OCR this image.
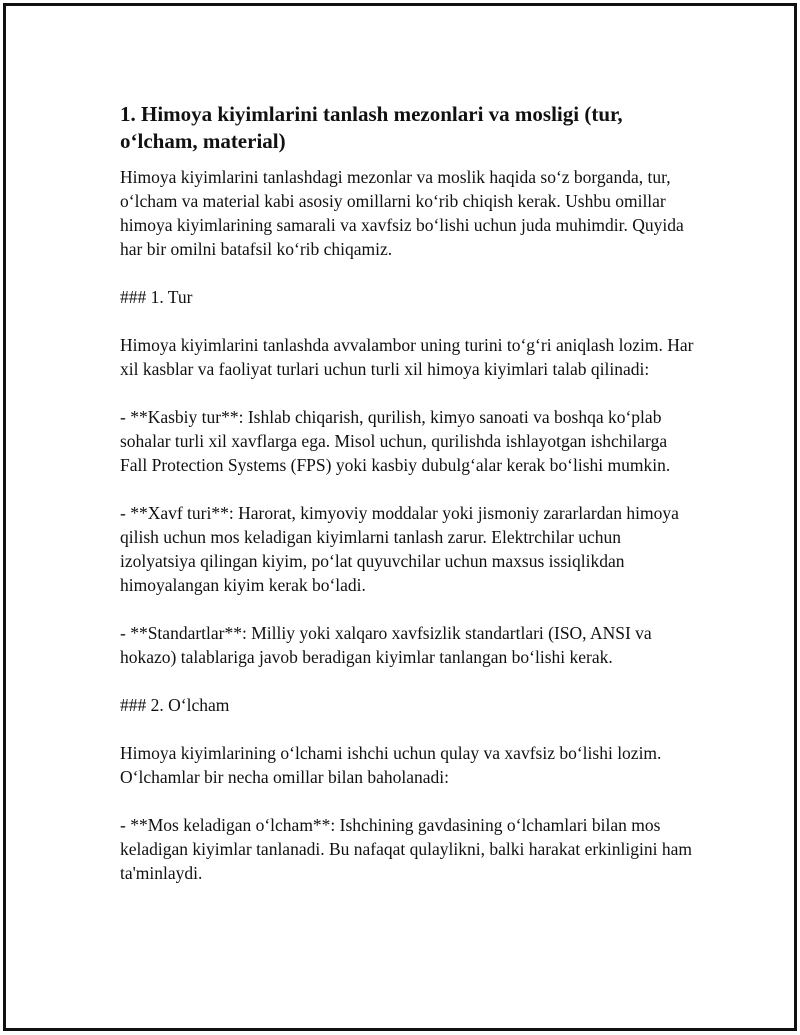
1. Himoya kiyimlarini tanlash mezonlari va mosligi (tur, o‘lcham, material)

Himoya kiyimlarini tanlashdagi mezonlar va moslik haqida so‘z borganda, tur, o‘lcham va material kabi asosiy omillarni ko‘rib chiqish kerak. Ushbu omillar himoya kiyimlarining samarali va xavfsiz bo‘lishi uchun juda muhimdir. Quyida har bir omilni batafsil ko‘rib chiqamiz.

### 1. Tur

Himoya kiyimlarini tanlashda avvalambor uning turini to‘g‘ri aniqlash lozim. Har xil kasblar va faoliyat turlari uchun turli xil himoya kiyimlari talab qilinadi:

- **Kasbiy tur**: Ishlab chiqarish, qurilish, kimyo sanoati va boshqa ko‘plab sohalar turli xil xavflarga ega. Misol uchun, qurilishda ishlayotgan ishchilarga Fall Protection Systems (FPS) yoki kasbiy dubulg‘alar kerak bo‘lishi mumkin.

- **Xavf turi**: Harorat, kimyoviy moddalar yoki jismoniy zararlardan himoya qilish uchun mos keladigan kiyimlarni tanlash zarur. Elektrchilar uchun izolyatsiya qilingan kiyim, po‘lat quyuvchilar uchun maxsus issiqlikdan himoyalangan kiyim kerak bo‘ladi.

- **Standartlar**: Milliy yoki xalqaro xavfsizlik standartlari (ISO, ANSI va hokazo) talablariga javob beradigan kiyimlar tanlangan bo‘lishi kerak.

### 2. O‘lcham

Himoya kiyimlarining o‘lchami ishchi uchun qulay va xavfsiz bo‘lishi lozim. O‘lchamlar bir necha omillar bilan baholanadi:

- **Mos keladigan o‘lcham**: Ishchining gavdasining o‘lchamlari bilan mos keladigan kiyimlar tanlanadi. Bu nafaqat qulaylikni, balki harakat erkinligini ham ta'minlaydi.
